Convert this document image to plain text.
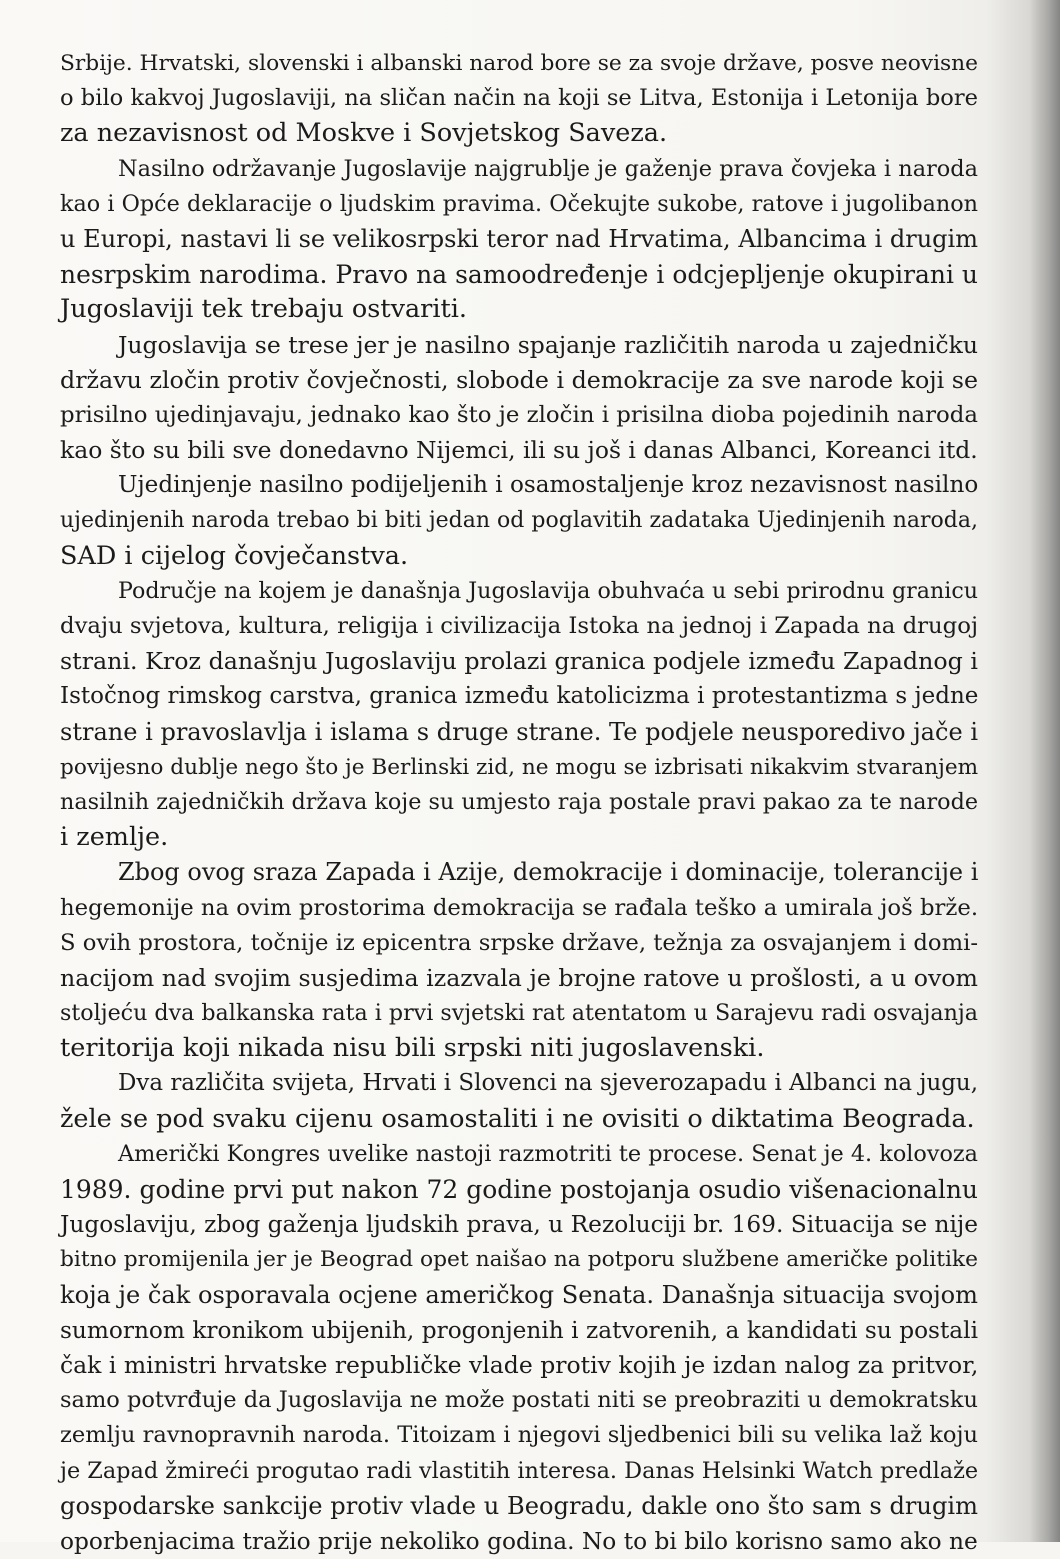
Srbije. Hrvatski, slovenski i albanski narod bore se za svoje države, posve neovisne
o bilo kakvoj Jugoslaviji, na sličan način na koji se Litva, Estonija i Letonija bore
za nezavisnost od Moskve i Sovjetskog Saveza.
Nasilno održavanje Jugoslavije najgrublje je gaženje prava čovjeka i naroda
kao i Opće deklaracije o ljudskim pravima. Očekujte sukobe, ratove i jugolibanon
u Europi, nastavi li se velikosrpski teror nad Hrvatima, Albancima i drugim
nesrpskim narodima. Pravo na samoodređenje i odcjepljenje okupirani u
Jugoslaviji tek trebaju ostvariti.
Jugoslavija se trese jer je nasilno spajanje različitih naroda u zajedničku
državu zločin protiv čovječnosti, slobode i demokracije za sve narode koji se
prisilno ujedinjavaju, jednako kao što je zločin i prisilna dioba pojedinih naroda
kao što su bili sve donedavno Nijemci, ili su još i danas Albanci, Koreanci itd.
Ujedinjenje nasilno podijeljenih i osamostaljenje kroz nezavisnost nasilno
ujedinjenih naroda trebao bi biti jedan od poglavitih zadataka Ujedinjenih naroda,
SAD i cijelog čovječanstva.
Područje na kojem je današnja Jugoslavija obuhvaća u sebi prirodnu granicu
dvaju svjetova, kultura, religija i civilizacija Istoka na jednoj i Zapada na drugoj
strani. Kroz današnju Jugoslaviju prolazi granica podjele između Zapadnog i
Istočnog rimskog carstva, granica između katolicizma i protestantizma s jedne
strane i pravoslavlja i islama s druge strane. Te podjele neusporedivo jače i
povijesno dublje nego što je Berlinski zid, ne mogu se izbrisati nikakvim stvaranjem
nasilnih zajedničkih država koje su umjesto raja postale pravi pakao za te narode
i zemlje.
Zbog ovog sraza Zapada i Azije, demokracije i dominacije, tolerancije i
hegemonije na ovim prostorima demokracija se rađala teško a umirala još brže.
S ovih prostora, točnije iz epicentra srpske države, težnja za osvajanjem i domi-
nacijom nad svojim susjedima izazvala je brojne ratove u prošlosti, a u ovom
stoljeću dva balkanska rata i prvi svjetski rat atentatom u Sarajevu radi osvajanja
teritorija koji nikada nisu bili srpski niti jugoslavenski.
Dva različita svijeta, Hrvati i Slovenci na sjeverozapadu i Albanci na jugu,
žele se pod svaku cijenu osamostaliti i ne ovisiti o diktatima Beograda.
Američki Kongres uvelike nastoji razmotriti te procese. Senat je 4. kolovoza
1989. godine prvi put nakon 72 godine postojanja osudio višenacionalnu
Jugoslaviju, zbog gaženja ljudskih prava, u Rezoluciji br. 169. Situacija se nije
bitno promijenila jer je Beograd opet naišao na potporu službene američke politike
koja je čak osporavala ocjene američkog Senata. Današnja situacija svojom
sumornom kronikom ubijenih, progonjenih i zatvorenih, a kandidati su postali
čak i ministri hrvatske republičke vlade protiv kojih je izdan nalog za pritvor,
samo potvrđuje da Jugoslavija ne može postati niti se preobraziti u demokratsku
zemlju ravnopravnih naroda. Titoizam i njegovi sljedbenici bili su velika laž koju
je Zapad žmireći progutao radi vlastitih interesa. Danas Helsinki Watch predlaže
gospodarske sankcije protiv vlade u Beogradu, dakle ono što sam s drugim
oporbenjacima tražio prije nekoliko godina. No to bi bilo korisno samo ako ne
